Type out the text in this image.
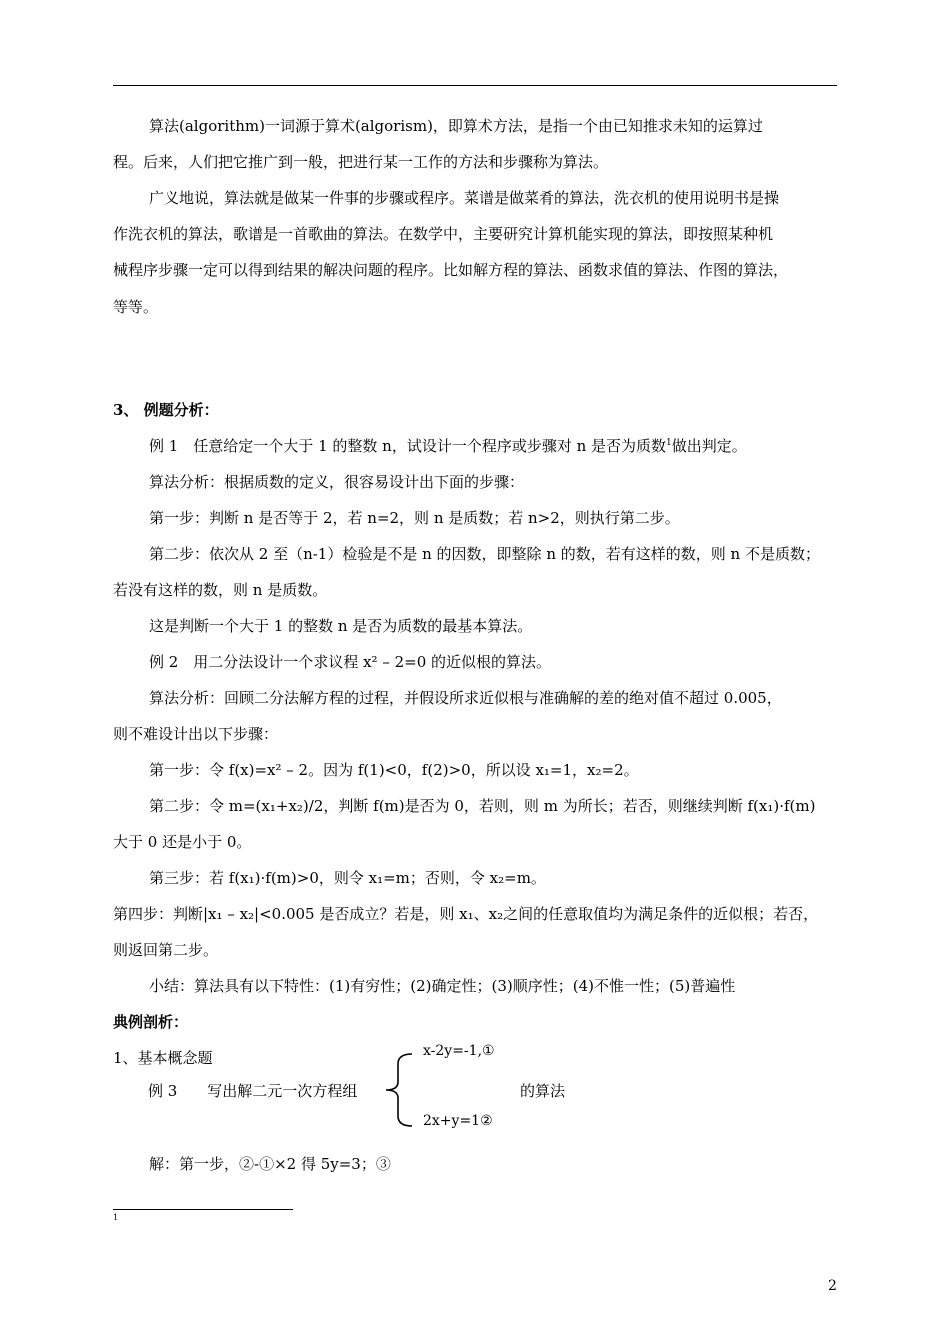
算法(algorithm)一词源于算术(algorism)，即算术方法，是指一个由已知推求未知的运算过

程。后来，人们把它推广到一般，把进行某一工作的方法和步骤称为算法。

广义地说，算法就是做某一件事的步骤或程序。菜谱是做菜肴的算法，洗衣机的使用说明书是操

作洗衣机的算法，歌谱是一首歌曲的算法。在数学中，主要研究计算机能实现的算法，即按照某种机

械程序步骤一定可以得到结果的解决问题的程序。比如解方程的算法、函数求值的算法、作图的算法，

等等。

3、 例题分析：

例 1　任意给定一个大于 1 的整数 n，试设计一个程序或步骤对 n 是否为质数$^1$做出判定。

算法分析：根据质数的定义，很容易设计出下面的步骤：

第一步：判断 n 是否等于 2，若 n=2，则 n 是质数；若 n>2，则执行第二步。

第二步：依次从 2 至（n-1）检验是不是 n 的因数，即整除 n 的数，若有这样的数，则 n 不是质数；

若没有这样的数，则 n 是质数。

这是判断一个大于 1 的整数 n 是否为质数的最基本算法。

例 2　用二分法设计一个求议程 x² – 2=0 的近似根的算法。

算法分析：回顾二分法解方程的过程，并假设所求近似根与准确解的差的绝对值不超过 0.005，

则不难设计出以下步骤：

第一步：令 f(x)=x² – 2。因为 f(1)<0，f(2)>0，所以设 x₁=1，x₂=2。

第二步：令 m=(x₁+x₂)/2，判断 f(m)是否为 0，若则，则 m 为所长；若否，则继续判断 f(x₁)·f(m)

大于 0 还是小于 0。

第三步：若 f(x₁)·f(m)>0，则令 x₁=m；否则，令 x₂=m。

第四步：判断|x₁ – x₂|<0.005 是否成立？若是，则 x₁、x₂之间的任意取值均为满足条件的近似根；若否，

则返回第二步。

小结：算法具有以下特性：(1)有穷性；(2)确定性；(3)顺序性；(4)不惟一性；(5)普遍性

典例剖析：

1、基本概念题

例 3　　写出解二元一次方程组
x-2y=-1,①
2x+y=1②
的算法

解：第一步，②-①×2 得 5y=3；③

1
2
